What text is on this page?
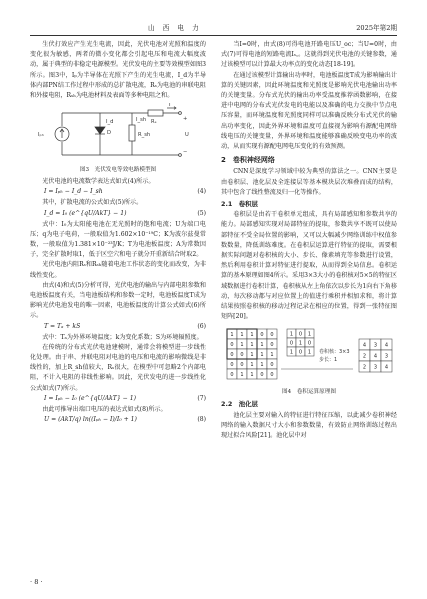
山 西 电 力	2025年第2期

生伏打效应产生光生电流，因此，光伏电池对光照和温度的变化很为敏感，两者的微小变化都会引起电压和电流大幅度波动，属于典型的非稳定电源模型。光伏发电的主要等效模型如图3所示。图3中，Iₚ为半导体在光照下产生的光生电流，I_d为半导体内部PN结工作过程中形成的总扩散电流，Rₛ为电池的串联电阻和外接电阻，Rₛₕ为电池材料及表面等多种电阻之和。

Iₚₕ
I_d
D	R_sh
I_sh Rₛ
I
U
+
−
图3　光伏发电等效电路模型图

光伏电池的电流数学表达式如式(4)所示。

I = Iₚₕ − I_d − I_sh	(4)

其中，扩散电流的公式如式(5)所示。

I_d = I₀ (e^{qU/AkT} − 1)	(5)

式中：I₀为太阳能电池在无光照时的饱和电流；U为端口电压；q为电子电荷，一般取值为1.602×10⁻¹⁹C；K为波尔兹曼常数，一般取值为1.381×10⁻²³J/K；T为电池板温度；A为常数因子，完全扩散时取1，低于区空穴和电子就分开重新结合时取2。

光伏电池内阻Rₛ和Rₛₕ随着电池工作状态的变化而改变，为非线性变化。

由式(4)和式(5)分析可得，光伏电池的输出与内部电阻参数和电池板温度有关，当电池板结构和参数一定时，电池板温度T成为影响光伏电池发电的唯一因素，电池板温度的计算公式如式(6)所示。

T = Tₐ + kS	(6)

式中：Tₐ为外界环境温度；k为变化系数；S为环境辐照度。

在传统的分布式光伏电池建模时，通常会将模型进一步线性化处理。由于串、并联电阻对电池的电压和电流的影响微线是非线性的，加上R_sh值较大，Rₛ很大，在模型中可忽略2个内部电阻，不计入电阻的非线性影响。因此，光伏发电的进一步线性化公式如式(7)所示。

I = Iₚₕ − I₀ (e^{qU/AkT} − 1)	(7)

由此可推导出端口电压的表达式如式(8)所示。

U = (AkT/q) ln((Iₚₕ − I)/I₀ + 1)	(8)

当I=0时，由式(8)可得电池开路电压U_oc；当U=0时，由式(7)可得电池的短路电流Iₛ꜀。这就得到光伏电池的关键参数，通过该模型可以计算最大功率点的变化动态[18-19]。

在通过该模型计算输出功率时，电池板温度T成为影响输出计算的关键因素，因此环境温度和光照度是影响光伏电池输出功率的关键变量。分布式光伏的输出功率受温度推荐函数影响，在接进中电网的分布式光伏发电的电能以及准确的电力交换中节点电压容量，而环境温度和光照度同样可以准确反映分布式光伏的输出功率变化，因此外界环境和温度可直接视为影响有源配电网络线电压的关键变量，外界环境和温度能够准确反映变电功率的波动，从而实现有源配电网电压变化的有效预测。

2　卷积神经网络

CNN是深度学习领域中较为典型的算法之一。CNN主要是由卷积层、池化层及全连接层等基本模块层次堆叠而成的结构，其中包含了线性整流及归一化等操作。

2.1　卷积层

卷积层是由若干卷积单元组成，具有局部感知和参数共享的能力。局部感知实现对局部特征的提取，参数共享不既可以使局部特征不受全局位置的影响，又可以大幅减少网络训练中权值参数数量，降低训练难度。在卷积层运算进行特征的提取，需要根据实际问题对卷积核的大小、步长、像素填充等参数进行设置，然后利用卷积计算对特征进行提取，从而得到全局信息。卷积运算的基本原理如图4所示。采用3×3大小的卷积核对5×5的特征区域数据进行卷积计算，卷积核从左上角依次以步长为1向右下角移动，每次移动都与对应位置上的值进行乘积并相加求和，将计算结果按照卷积核的移动过程记录在相应的位置，得到一张特征图矩阵[20]。

卷积核：3×3
步长：1
1 1 1 0 0
0 1 1 1 0
0 0 1 1 1
0 0 1 1 0
0 1 1 0 0
1 0 1
0 1 0
1 0 1
4 3 4
2 4 3
2 3 4
图4　卷积运算原理图
2.2　池化层

池化层主要对输入的特征进行特征压缩，以此减少卷积神经网络的输入数据尺寸大小和参数数量，有效防止网络训练过程出现过拟合风险[21]。池化层中对

· 8 ·
